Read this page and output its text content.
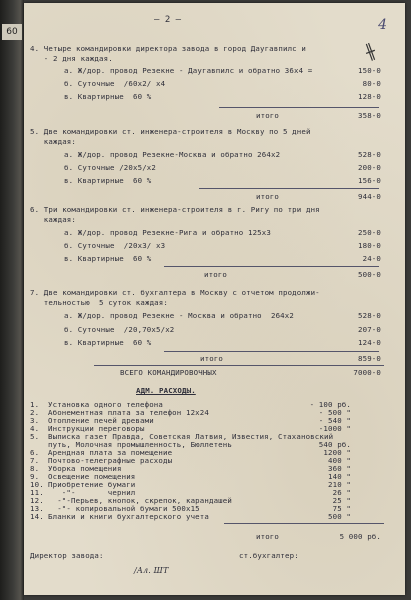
60
– 2 –	4
╫
4. Четыре командировки директора завода в город Даугавпилс и
- 2 дня каждая.
а. Ж/дор. провод Резекне - Даугавпилс и обратно 36х4 =	150-0
б. Суточные  /60х2/ х4	80-0
в. Квартирные  60 %	128-0
итого	358-0
5. Две командировки ст. инженера-строителя в Москву по 5 дней
каждая:
а. Ж/дор. провод Резекне-Москва и обратно 264х2	528-0
б. Суточные /20х5/х2	200-0
в. Квартирные  60 %	156-0
итого	944-0
6. Три командировки ст. инженера-строителя в г. Ригу по три дня
каждая:
а. Ж/дор. провод Резекне-Рига и обратно 125х3	250-0
б. Суточные  /20х3/ х3	180-0
в. Квартирные  60 %	24-0
итого	500-0
7. Две командировки ст. бухгалтера в Москву с отчетом продолжи-
тельностью  5 суток каждая:
а. Ж/дор. провод Резекне - Москва и обратно  264х2	528-0
б. Суточные  /20,70х5/х2	207-0
в. Квартирные  60 %	124-0
итого	859-0
ВСЕГО КОМАНДИРОВОЧНЫХ	7000-0
АДМ. РАСХОДЫ.
1. Установка одного телефона	- 100 рб.
2. Абонементная плата за телефон 12х24	- 500 "
3. Отопление печей древами	- 540 "
4. Инструкции переговоры	-1000 "
5. Выписка газет Правда, Советская Латвия, Известия, Стахановский
путь, Молочная промышленность, Бюллетень	540 рб.
6. Арендная плата за помещение	1200 "
7. Почтово-телеграфные расходы	400 "
8. Уборка помещения	360 "
9. Освещение помещения	140 "
10. Приобретение бумаги	210 "
11. -"-       чернил	26 "
12. -"-Перьев, кнопок, скрепок, карандашей	25 "
13. -"- копировальной бумаги 500х15	75 "
14. Бланки и книги бухгалтерского учета	500 "
итого	5 000 рб.
Директор завода:	ст.бухгалтер:
/Ал. ШТ
